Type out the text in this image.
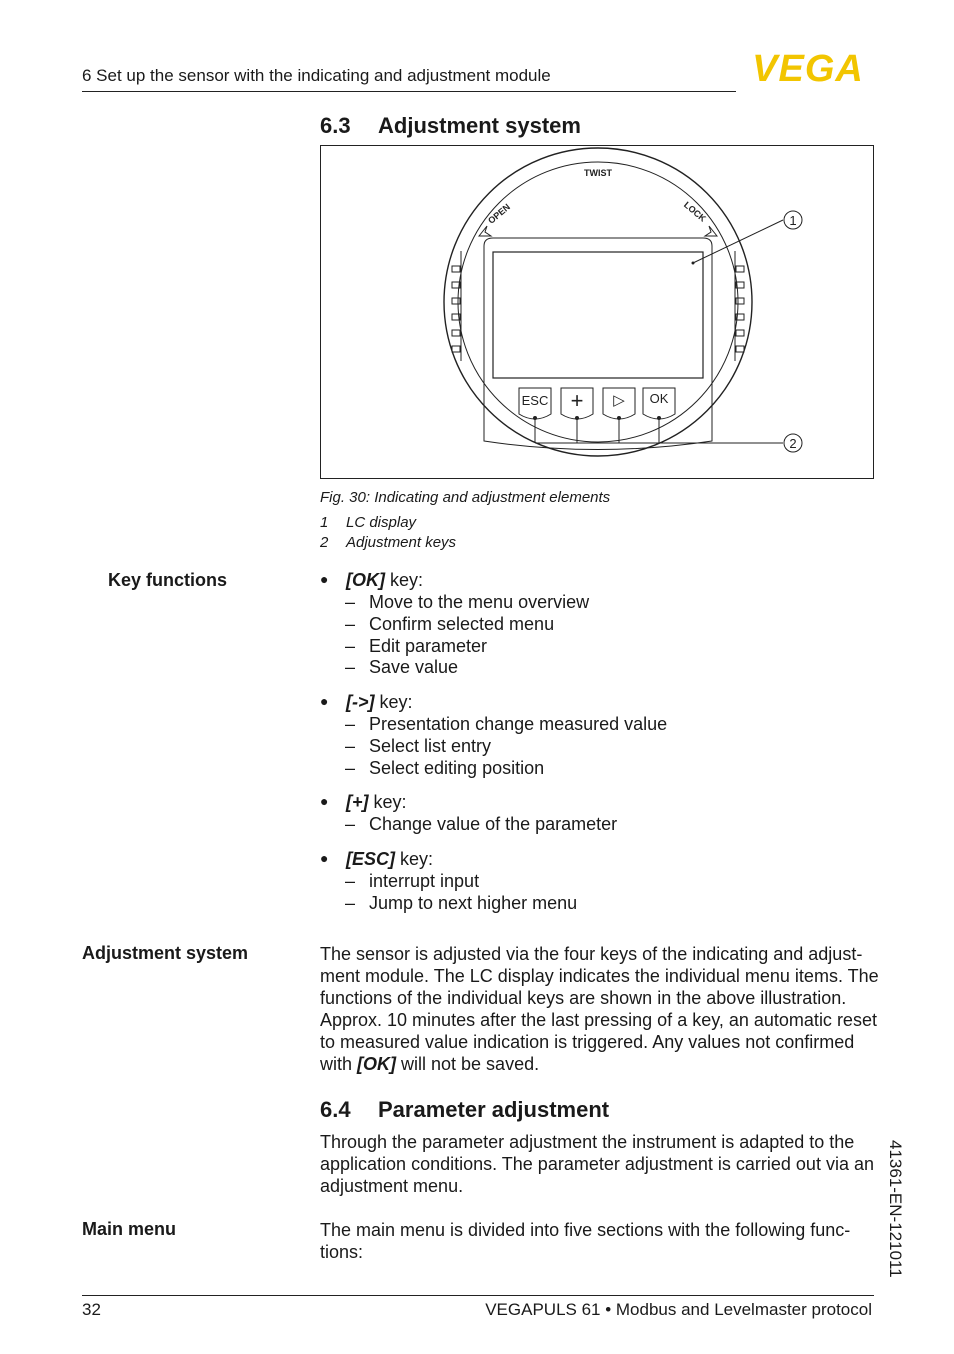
6 Set up the sensor with the indicating and adjustment module	VEGA
6.3 Adjustment system
TWIST
OPEN	LOCK
ESC + ▷ OK
1
2
Fig. 30: Indicating and adjustment elements
1 LC display
2 Adjustment keys
Key functions	● [OK] key:
– Move to the menu overview
– Confirm selected menu
– Edit parameter
– Save value
● [->] key:
– Presentation change measured value
– Select list entry
– Select editing position
● [+] key:
– Change value of the parameter
● [ESC] key:
– interrupt input
– Jump to next higher menu
Adjustment system	The sensor is adjusted via the four keys of the indicating and adjust-
ment module. The LC display indicates the individual menu items. The
functions of the individual keys are shown in the above illustration.
Approx. 10 minutes after the last pressing of a key, an automatic reset
to measured value indication is triggered. Any values not confirmed
with [OK] will not be saved.
6.4 Parameter adjustment
Through the parameter adjustment the instrument is adapted to the
application conditions. The parameter adjustment is carried out via an
adjustment menu.
Main menu	The main menu is divided into five sections with the following func-
tions:	41361-EN-121011
32	VEGAPULS 61 • Modbus and Levelmaster protocol
